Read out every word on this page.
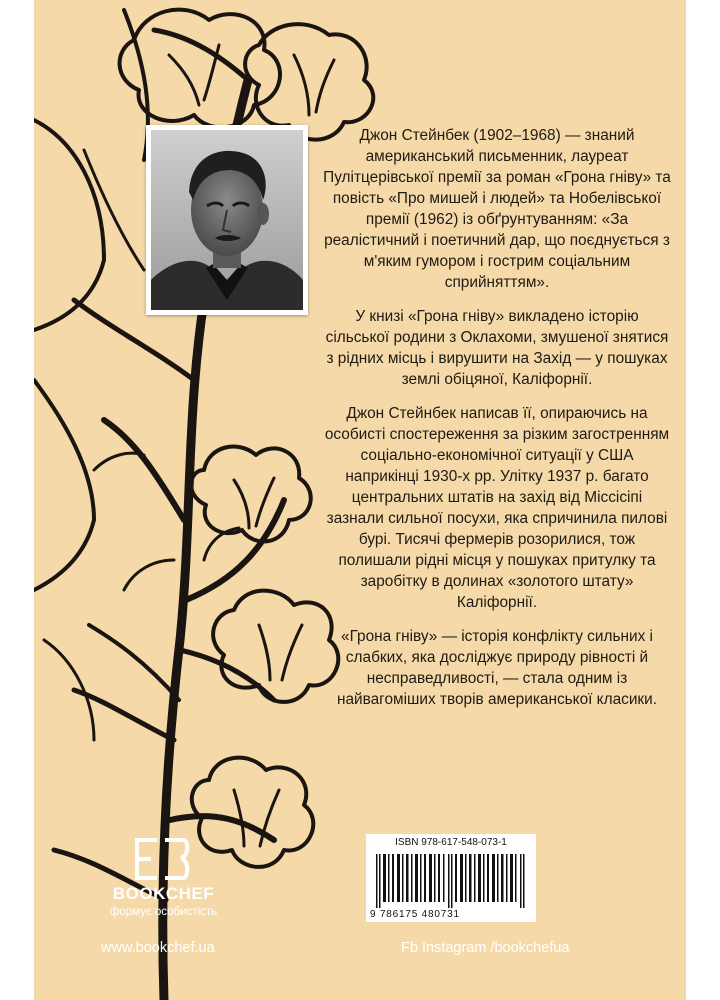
Джон Стейнбек (1902–1968) — знаний американський письменник, лауреат Пулітцерівської премії за роман «Грона гніву» та повість «Про мишей і людей» та Нобелівської премії (1962) із обґрунтуванням: «За реалістичний і поетичний дар, що поєднується з м'яким гумором і гострим соціальним сприйняттям».

У книзі «Грона гніву» викладено історію сільської родини з Оклахоми, змушеної знятися з рідних місць і вирушити на Захід — у пошуках землі обіцяної, Каліфорнії.

Джон Стейнбек написав її, опираючись на особисті спостереження за різким загостренням соціально-економічної ситуації у США наприкінці 1930-х рр. Улітку 1937 р. багато центральних штатів на захід від Міссісіпі зазнали сильної посухи, яка спричинила пилові бурі. Тисячі фермерів розорилися, тож полишали рідні місця у пошуках притулку та заробітку в долинах «золотого штату» Каліфорнії.

«Грона гніву» — історія конфлікту сильних і слабких, яка досліджує природу рівності й несправедливості, — стала одним із найвагоміших творів американської класики.

BOOKCHEF
формує особистість
ISBN 978-617-548-073-1
9 786175 480731
www.bookchef.ua	Fb Instagram /bookchefua
